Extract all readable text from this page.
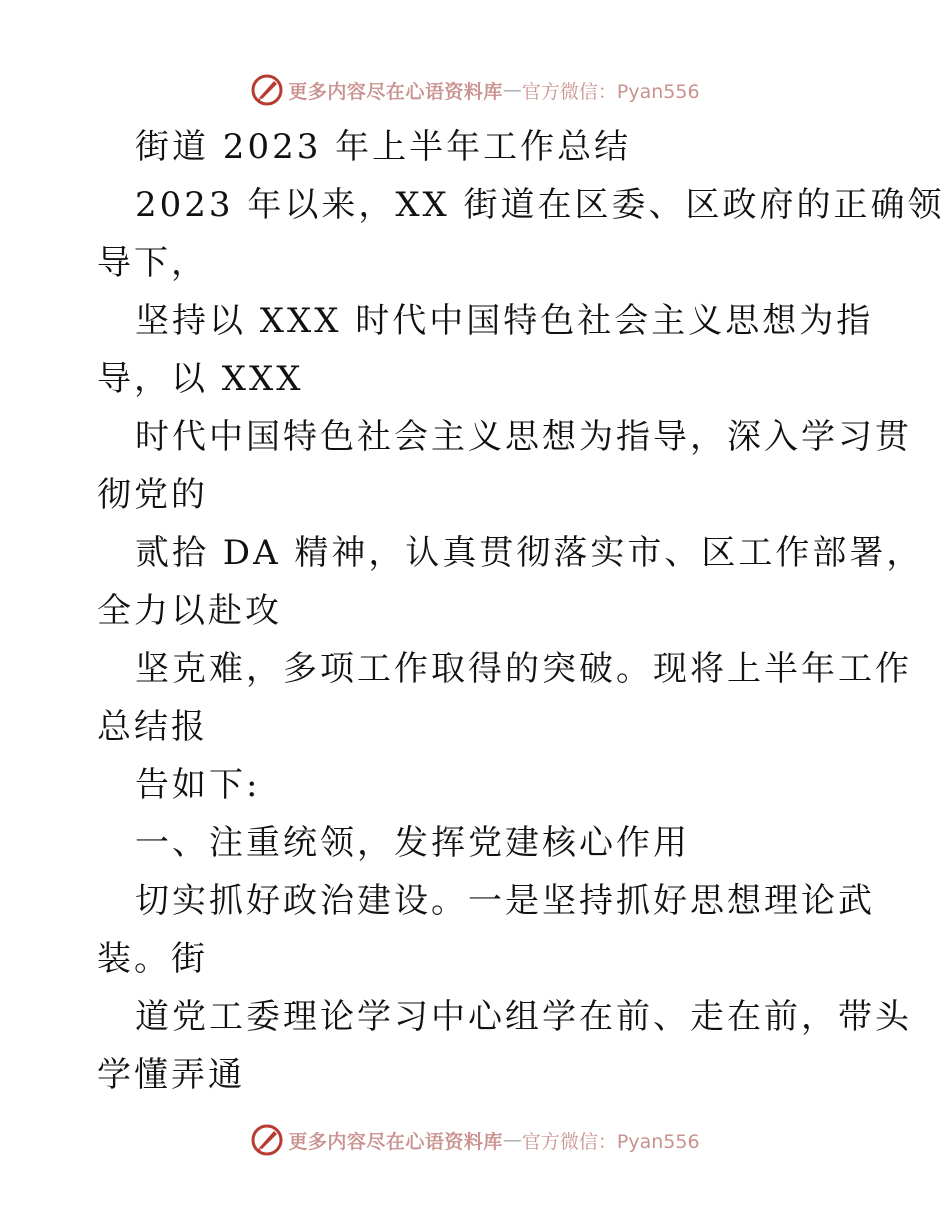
更多内容尽在心语资料库 — 官方微信：Pyan556
街道 2023 年上半年工作总结
2023 年以来，XX 街道在区委、区政府的正确领
导下，
坚持以 XXX 时代中国特色社会主义思想为指
导，以 XXX
时代中国特色社会主义思想为指导，深入学习贯
彻党的
贰拾 DA 精神，认真贯彻落实市、区工作部署，
全力以赴攻
坚克难，多项工作取得的突破。现将上半年工作
总结报
告如下:
一、注重统领，发挥党建核心作用
切实抓好政治建设。一是坚持抓好思想理论武
装。街
道党工委理论学习中心组学在前、走在前，带头
学懂弄通
更多内容尽在心语资料库 — 官方微信：Pyan556
